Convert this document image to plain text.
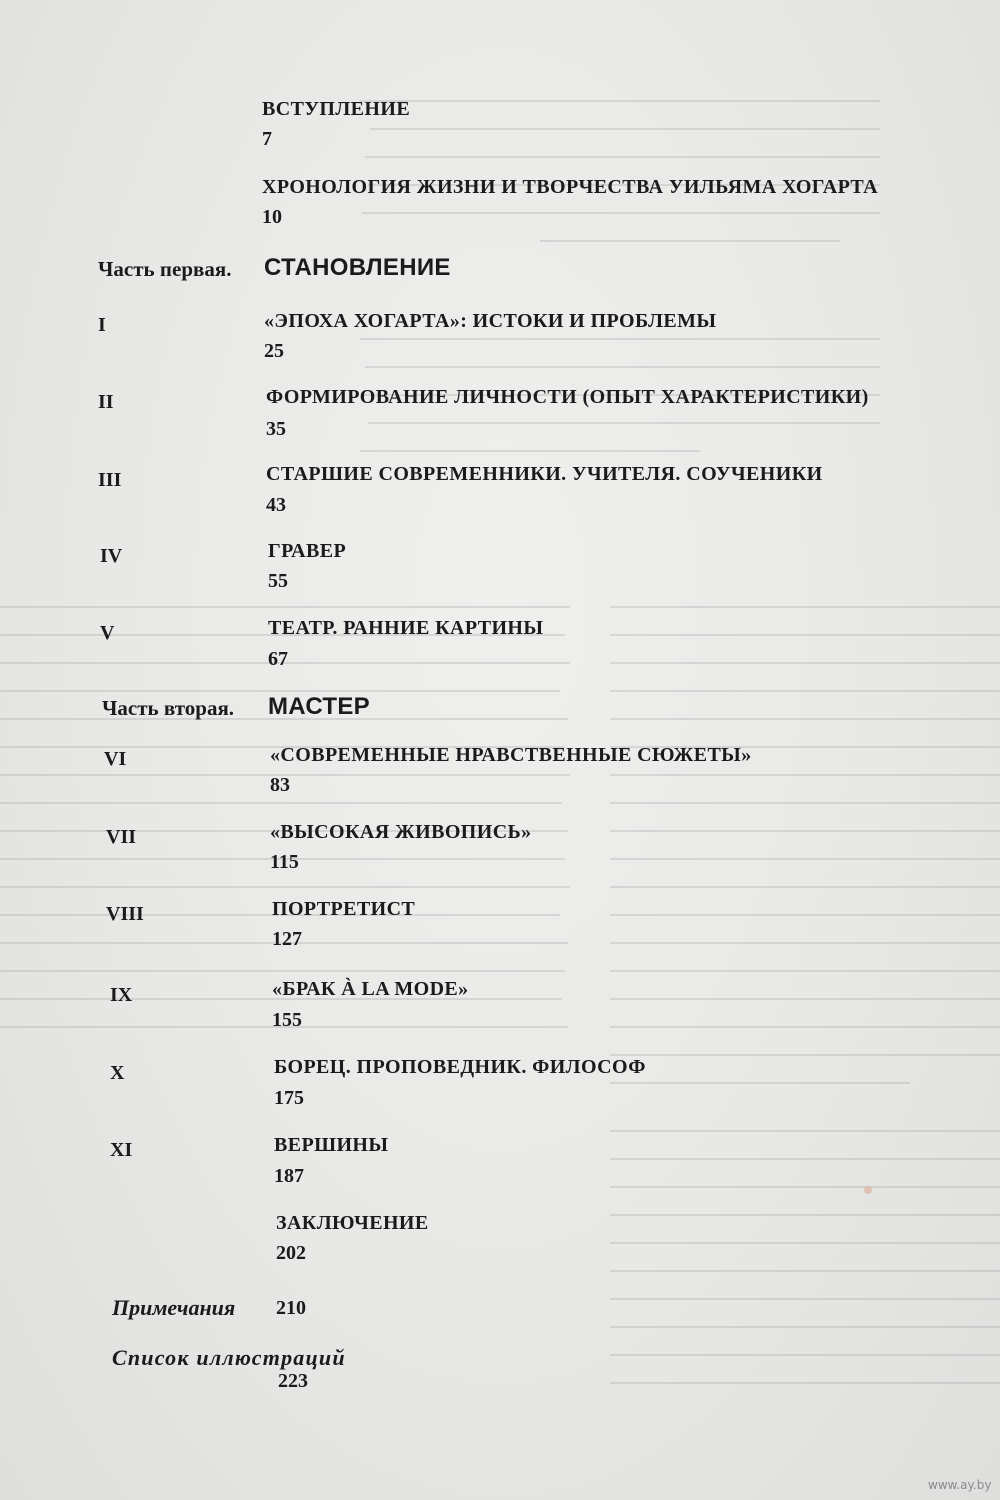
ВСТУПЛЕНИЕ
7
ХРОНОЛОГИЯ ЖИЗНИ И ТВОРЧЕСТВА УИЛЬЯМА ХОГАРТА
10
Часть первая. СТАНОВЛЕНИЕ
I	«ЭПОХА ХОГАРТА»: ИСТОКИ И ПРОБЛЕМЫ
25
II	ФОРМИРОВАНИЕ ЛИЧНОСТИ (ОПЫТ ХАРАКТЕРИСТИКИ)
35
III	СТАРШИЕ СОВРЕМЕННИКИ. УЧИТЕЛЯ. СОУЧЕНИКИ
43
IV	ГРАВЕР
55
V	ТЕАТР. РАННИЕ КАРТИНЫ
67
Часть вторая. МАСТЕР
VI	«СОВРЕМЕННЫЕ НРАВСТВЕННЫЕ СЮЖЕТЫ»
83
VII	«ВЫСОКАЯ ЖИВОПИСЬ»
115
VIII	ПОРТРЕТИСТ
127
IX	«БРАК À LA MODE»
155
X	БОРЕЦ. ПРОПОВЕДНИК. ФИЛОСОФ
175
XI	ВЕРШИНЫ
187
ЗАКЛЮЧЕНИЕ
202
Примечания 210
Список иллюстраций
223
www.ay.by
